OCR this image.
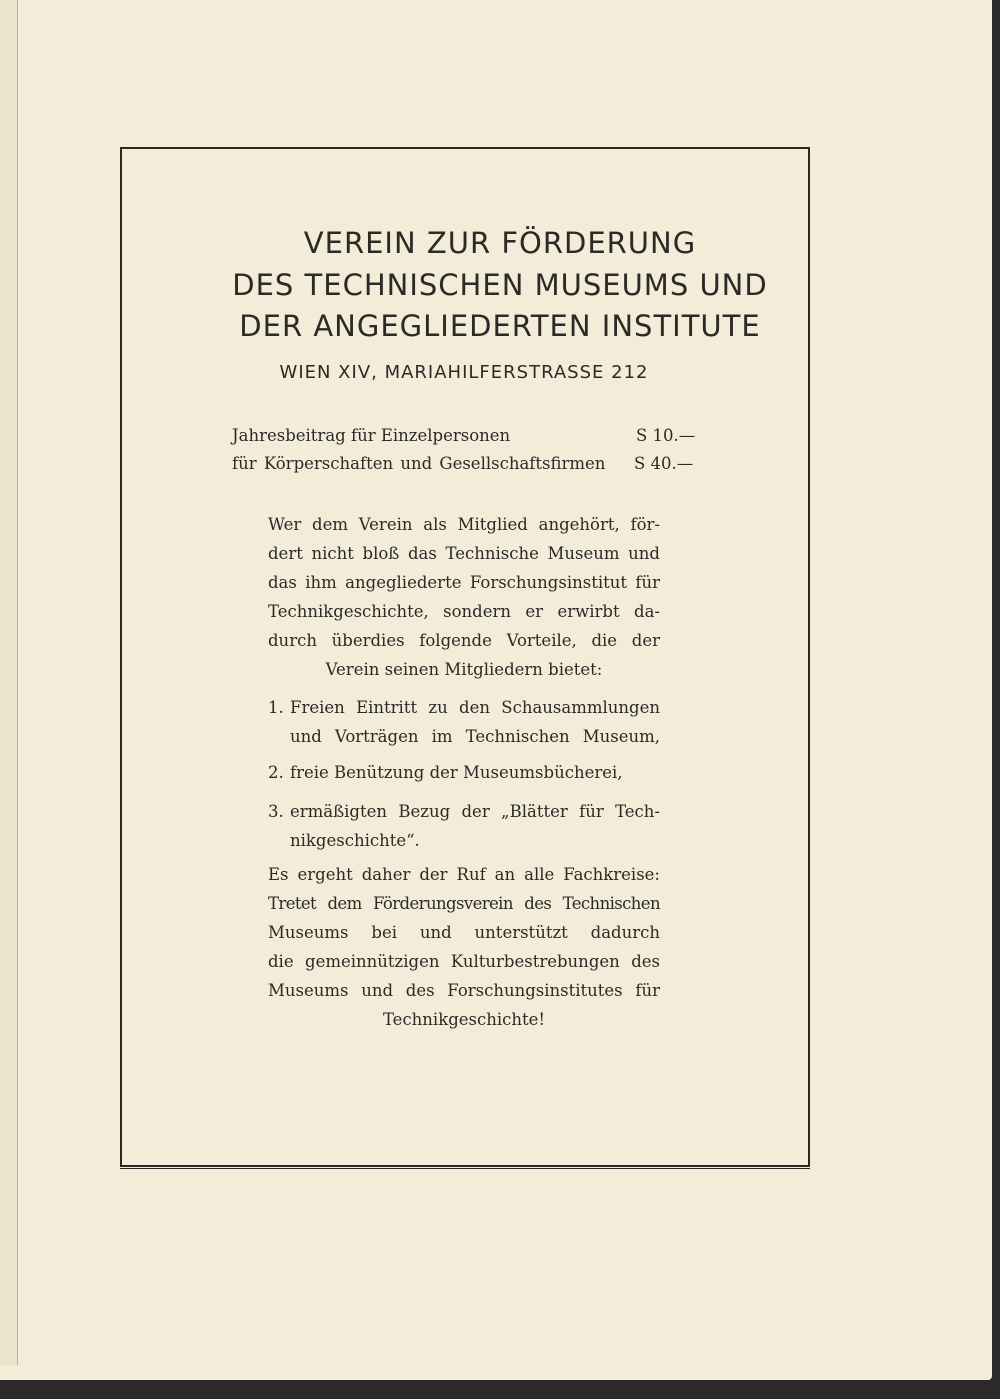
VEREIN ZUR FÖRDERUNG
DES TECHNISCHEN MUSEUMS UND
DER ANGEGLIEDERTEN INSTITUTE
WIEN XIV, MARIAHILFERSTRASSE 212
Jahresbeitrag für Einzelpersonen	S 10.—
für Körperschaften und Gesellschaftsfirmen S 40.—
Wer dem Verein als Mitglied angehört, för-
dert nicht bloß das Technische Museum und
das ihm angegliederte Forschungsinstitut für
Technikgeschichte, sondern er erwirbt da-
durch überdies folgende Vorteile, die der
Verein seinen Mitgliedern bietet:
1. Freien Eintritt zu den Schausammlungen
und Vorträgen im Technischen Museum,
2. freie Benützung der Museumsbücherei,
3. ermäßigten Bezug der „Blätter für Tech-
nikgeschichte“.
Es ergeht daher der Ruf an alle Fachkreise:
Tretet dem Förderungsverein des Technischen
Museums bei und unterstützt dadurch
die gemeinnützigen Kulturbestrebungen des
Museums und des Forschungsinstitutes für
Technikgeschichte!
